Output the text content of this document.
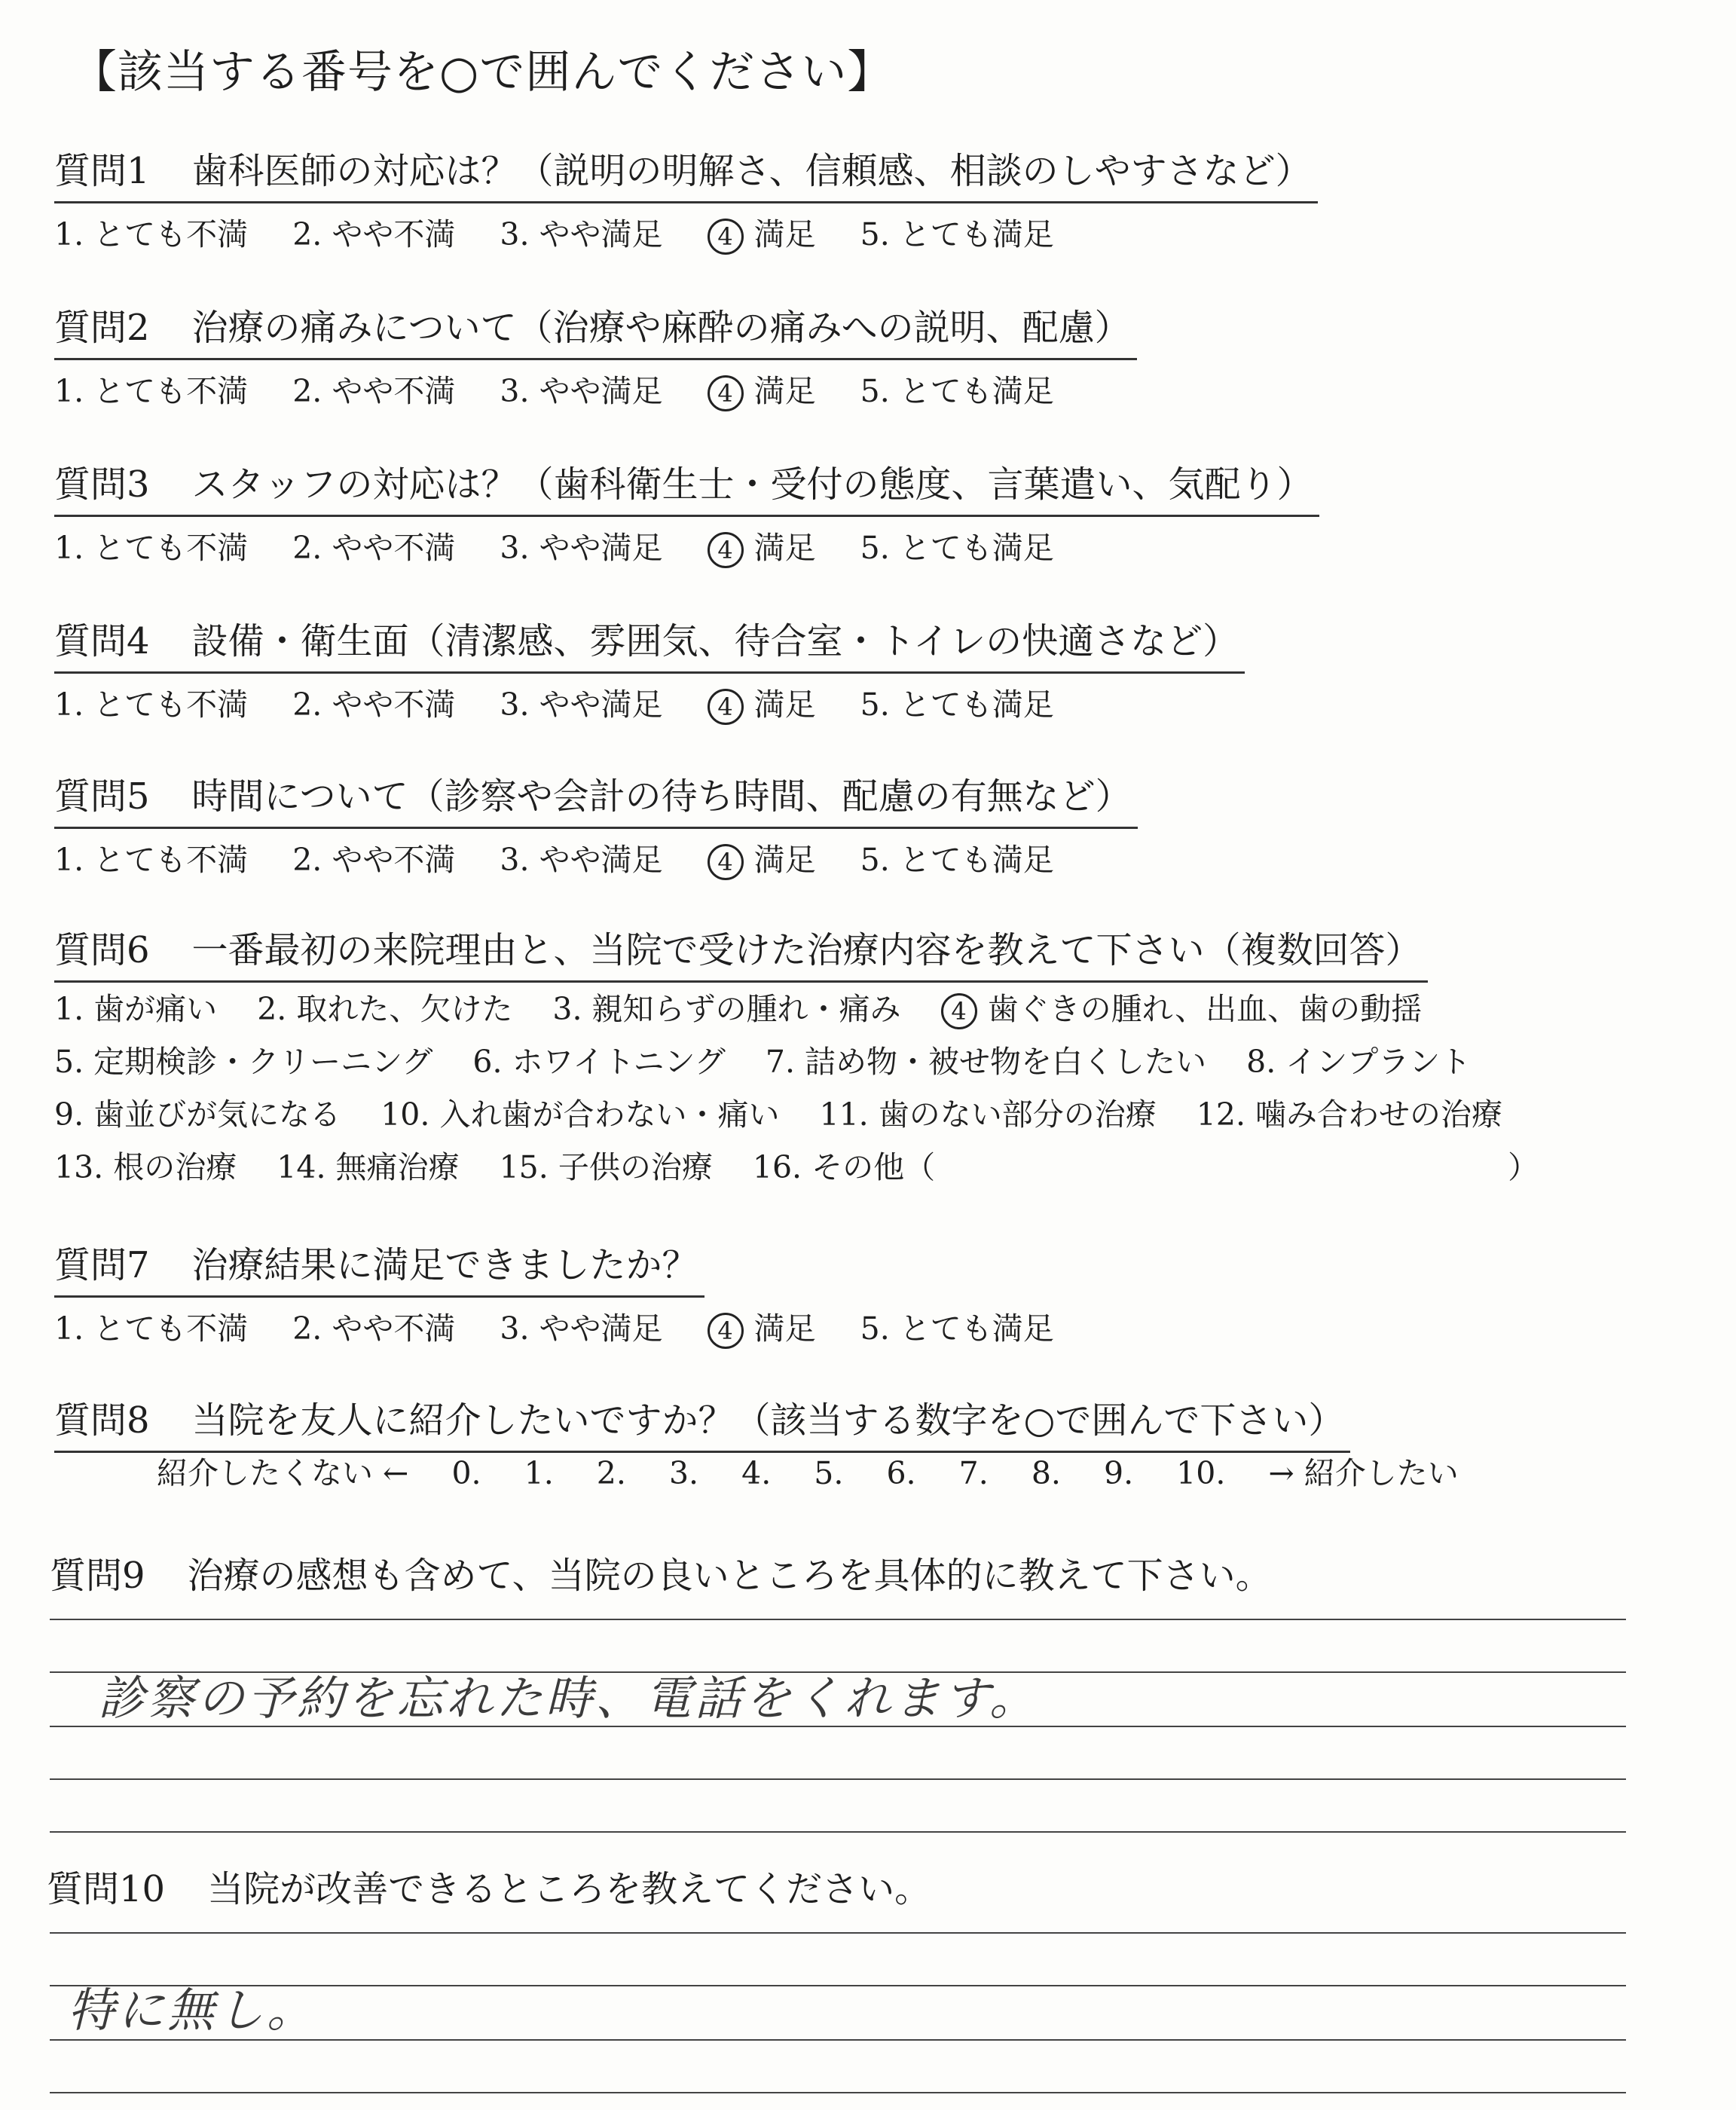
【該当する番号を○で囲んでください】
質問1 歯科医師の対応は？（説明の明解さ、信頼感、相談のしやすさなど）
1. とても不満 2. やや不満 3. やや満足 4 満足 5. とても満足
質問2 治療の痛みについて（治療や麻酔の痛みへの説明、配慮）
1. とても不満 2. やや不満 3. やや満足 4 満足 5. とても満足
質問3 スタッフの対応は？（歯科衛生士・受付の態度、言葉遣い、気配り）
1. とても不満 2. やや不満 3. やや満足 4 満足 5. とても満足
質問4 設備・衛生面（清潔感、雰囲気、待合室・トイレの快適さなど）
1. とても不満 2. やや不満 3. やや満足 4 満足 5. とても満足
質問5 時間について（診察や会計の待ち時間、配慮の有無など）
1. とても不満 2. やや不満 3. やや満足 4 満足 5. とても満足
質問6 一番最初の来院理由と、当院で受けた治療内容を教えて下さい（複数回答）
1. 歯が痛い 2. 取れた、欠けた 3. 親知らずの腫れ・痛み 4 歯ぐきの腫れ、出血、歯の動揺
5. 定期検診・クリーニング 6. ホワイトニング 7. 詰め物・被せ物を白くしたい 8. インプラント
9. 歯並びが気になる 10. 入れ歯が合わない・痛い 11. 歯のない部分の治療 12. 噛み合わせの治療
13. 根の治療 14. 無痛治療 15. 子供の治療 16. その他（	）
質問7 治療結果に満足できましたか？
1. とても不満 2. やや不満 3. やや満足 4 満足 5. とても満足
質問8 当院を友人に紹介したいですか？（該当する数字を○で囲んで下さい）
紹介したくない ← 0. 1. 2. 3. 4. 5. 6. 7. 8. 9. 10. → 紹介したい
質問9 治療の感想も含めて、当院の良いところを具体的に教えて下さい。
診察の予約を忘れた時、電話をくれます。
質問10 当院が改善できるところを教えてください。
特に無し。
